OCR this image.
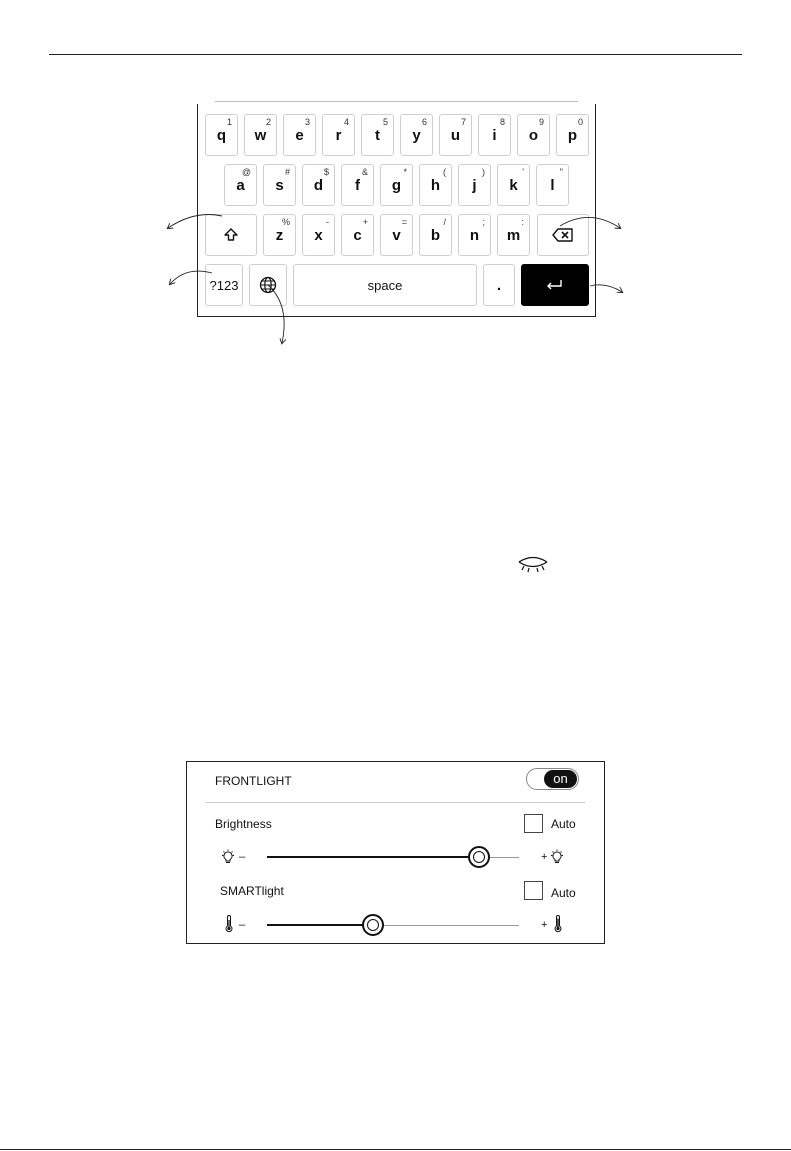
q
1
w
2
e
3
r
4
t
5
y
6
u
7
i
8
o
9
p
0
a
@
s
#
d
$
f
&
g
*
h
(
j
)
k
'
l
"
z
%
x
-
c
+
v
=
b
/
n
;
m
:
?123	space	.
FRONTLIGHT	on
Brightness	Auto
–	+
SMARTlight	Auto
–	+
